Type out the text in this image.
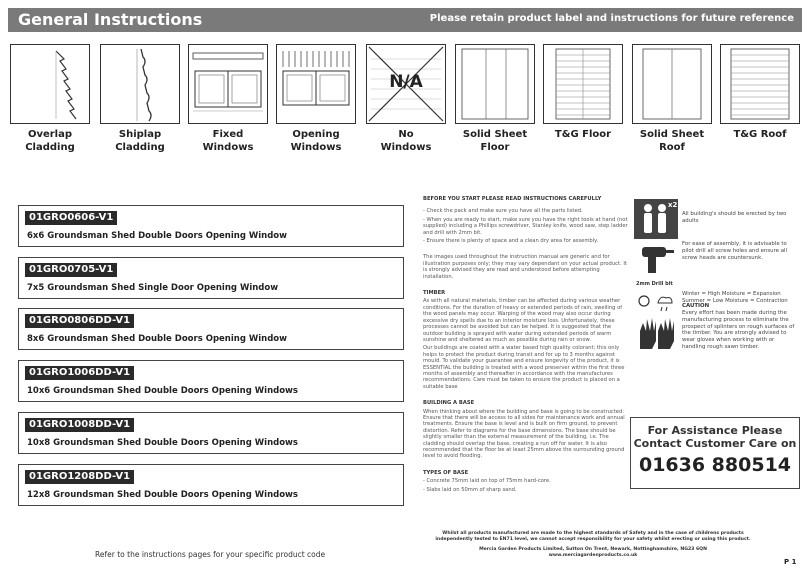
General Instructions	Please retain product label and instructions for future reference
Overlap
Cladding
Shiplap
Cladding
Fixed
Windows
Opening
Windows
N/A
No
Windows
Solid Sheet
Floor
T&G Floor	Solid Sheet
Roof
T&G Roof
01GRO0606-V1
6x6 Groundsman Shed Double Doors Opening Window
01GRO0705-V1
7x5 Groundsman Shed Single Door Opening Window
01GRO0806DD-V1
8x6 Groundsman Shed Double Doors Opening Window
01GRO1006DD-V1
10x6 Groundsman Shed Double Doors Opening Windows
01GRO1008DD-V1
10x8 Groundsman Shed Double Doors Opening Windows
01GRO1208DD-V1
12x8 Groundsman Shed Double Doors Opening Windows
Refer to the instructions pages for your specific product code
BEFORE YOU START PLEASE READ INSTRUCTIONS CAREFULLY

- Check the pack and make sure you have all the parts listed.

- When you are ready to start, make sure you have the right tools at hand (not supplied) including a Phillips screwdriver, Stanley knife, wood saw, step ladder and drill with 2mm bit.

- Ensure there is plenty of space and a clean dry area for assembly.

The images used throughout the instruction manual are generic and for illustration purposes only; they may vary dependant on your actual product. It is strongly advised they are read and understood before attempting installation.

TIMBER

As with all natural materials, timber can be affected during various weather conditions. For the duration of heavy or extended periods of rain, swelling of the wood panels may occur. Warping of the wood may also occur during excessive dry spells due to an interior moisture loss. Unfortunately, these processes cannot be avoided but can be helped. It is suggested that the outdoor building is sprayed with water during extended periods of warm sunshine and sheltered as much as possible during rain or snow.

Our buildings are coated with a water based high quality colorant; this only helps to protect the product during transit and for up to 3 months against mould. To validate your guarantee and ensure longevity of the product, it is ESSENTIAL the building is treated with a wood preserver within the first three months of assembly and thereafter in accordance with the manufactures recommendations. Care must be taken to ensure the product is placed on a suitable base

BUILDING A BASE

When thinking about where the building and base is going to be constructed: Ensure that there will be access to all sides for maintenance work and annual treatments. Ensure the base is level and is built on firm ground, to prevent distortion. Refer to diagrams for the base dimensions. The base should be slightly smaller than the external measurement of the building, i.e. The cladding should overlap the base, creating a run off for water. It is also recommended that the floor be at least 25mm above the surrounding ground level to avoid flooding.

TYPES OF BASE

- Concrete 75mm laid on top of 75mm hard-core.

- Slabs laid on 50mm of sharp sand.

x2
All building's should be erected by two adults
2mm Drill bit
For ease of assembly, it is advisable to pilot drill all screw holes and ensure all screw heads are countersunk.
Winter = High Moisture = Expansion
Summer = Low Moisture = Contraction
CAUTION
Every effort has been made during the manufacturing process to eliminate the prospect of splinters on rough surfaces of the timber. You are strongly advised to wear gloves when working with or handling rough sawn timber.
For Assistance Please
Contact Customer Care on
01636 880514
Whilst all products manufactured are made to the highest standards of Safety and in the case of childrens products independently tested to EN71 level, we cannot accept responsibility for your safety whilst erecting or using this product.
Mercia Garden Products Limited, Sutton On Trent, Newark, Nottinghamshire, NG23 6QN
www.merciagardenproducts.co.uk
P 1
